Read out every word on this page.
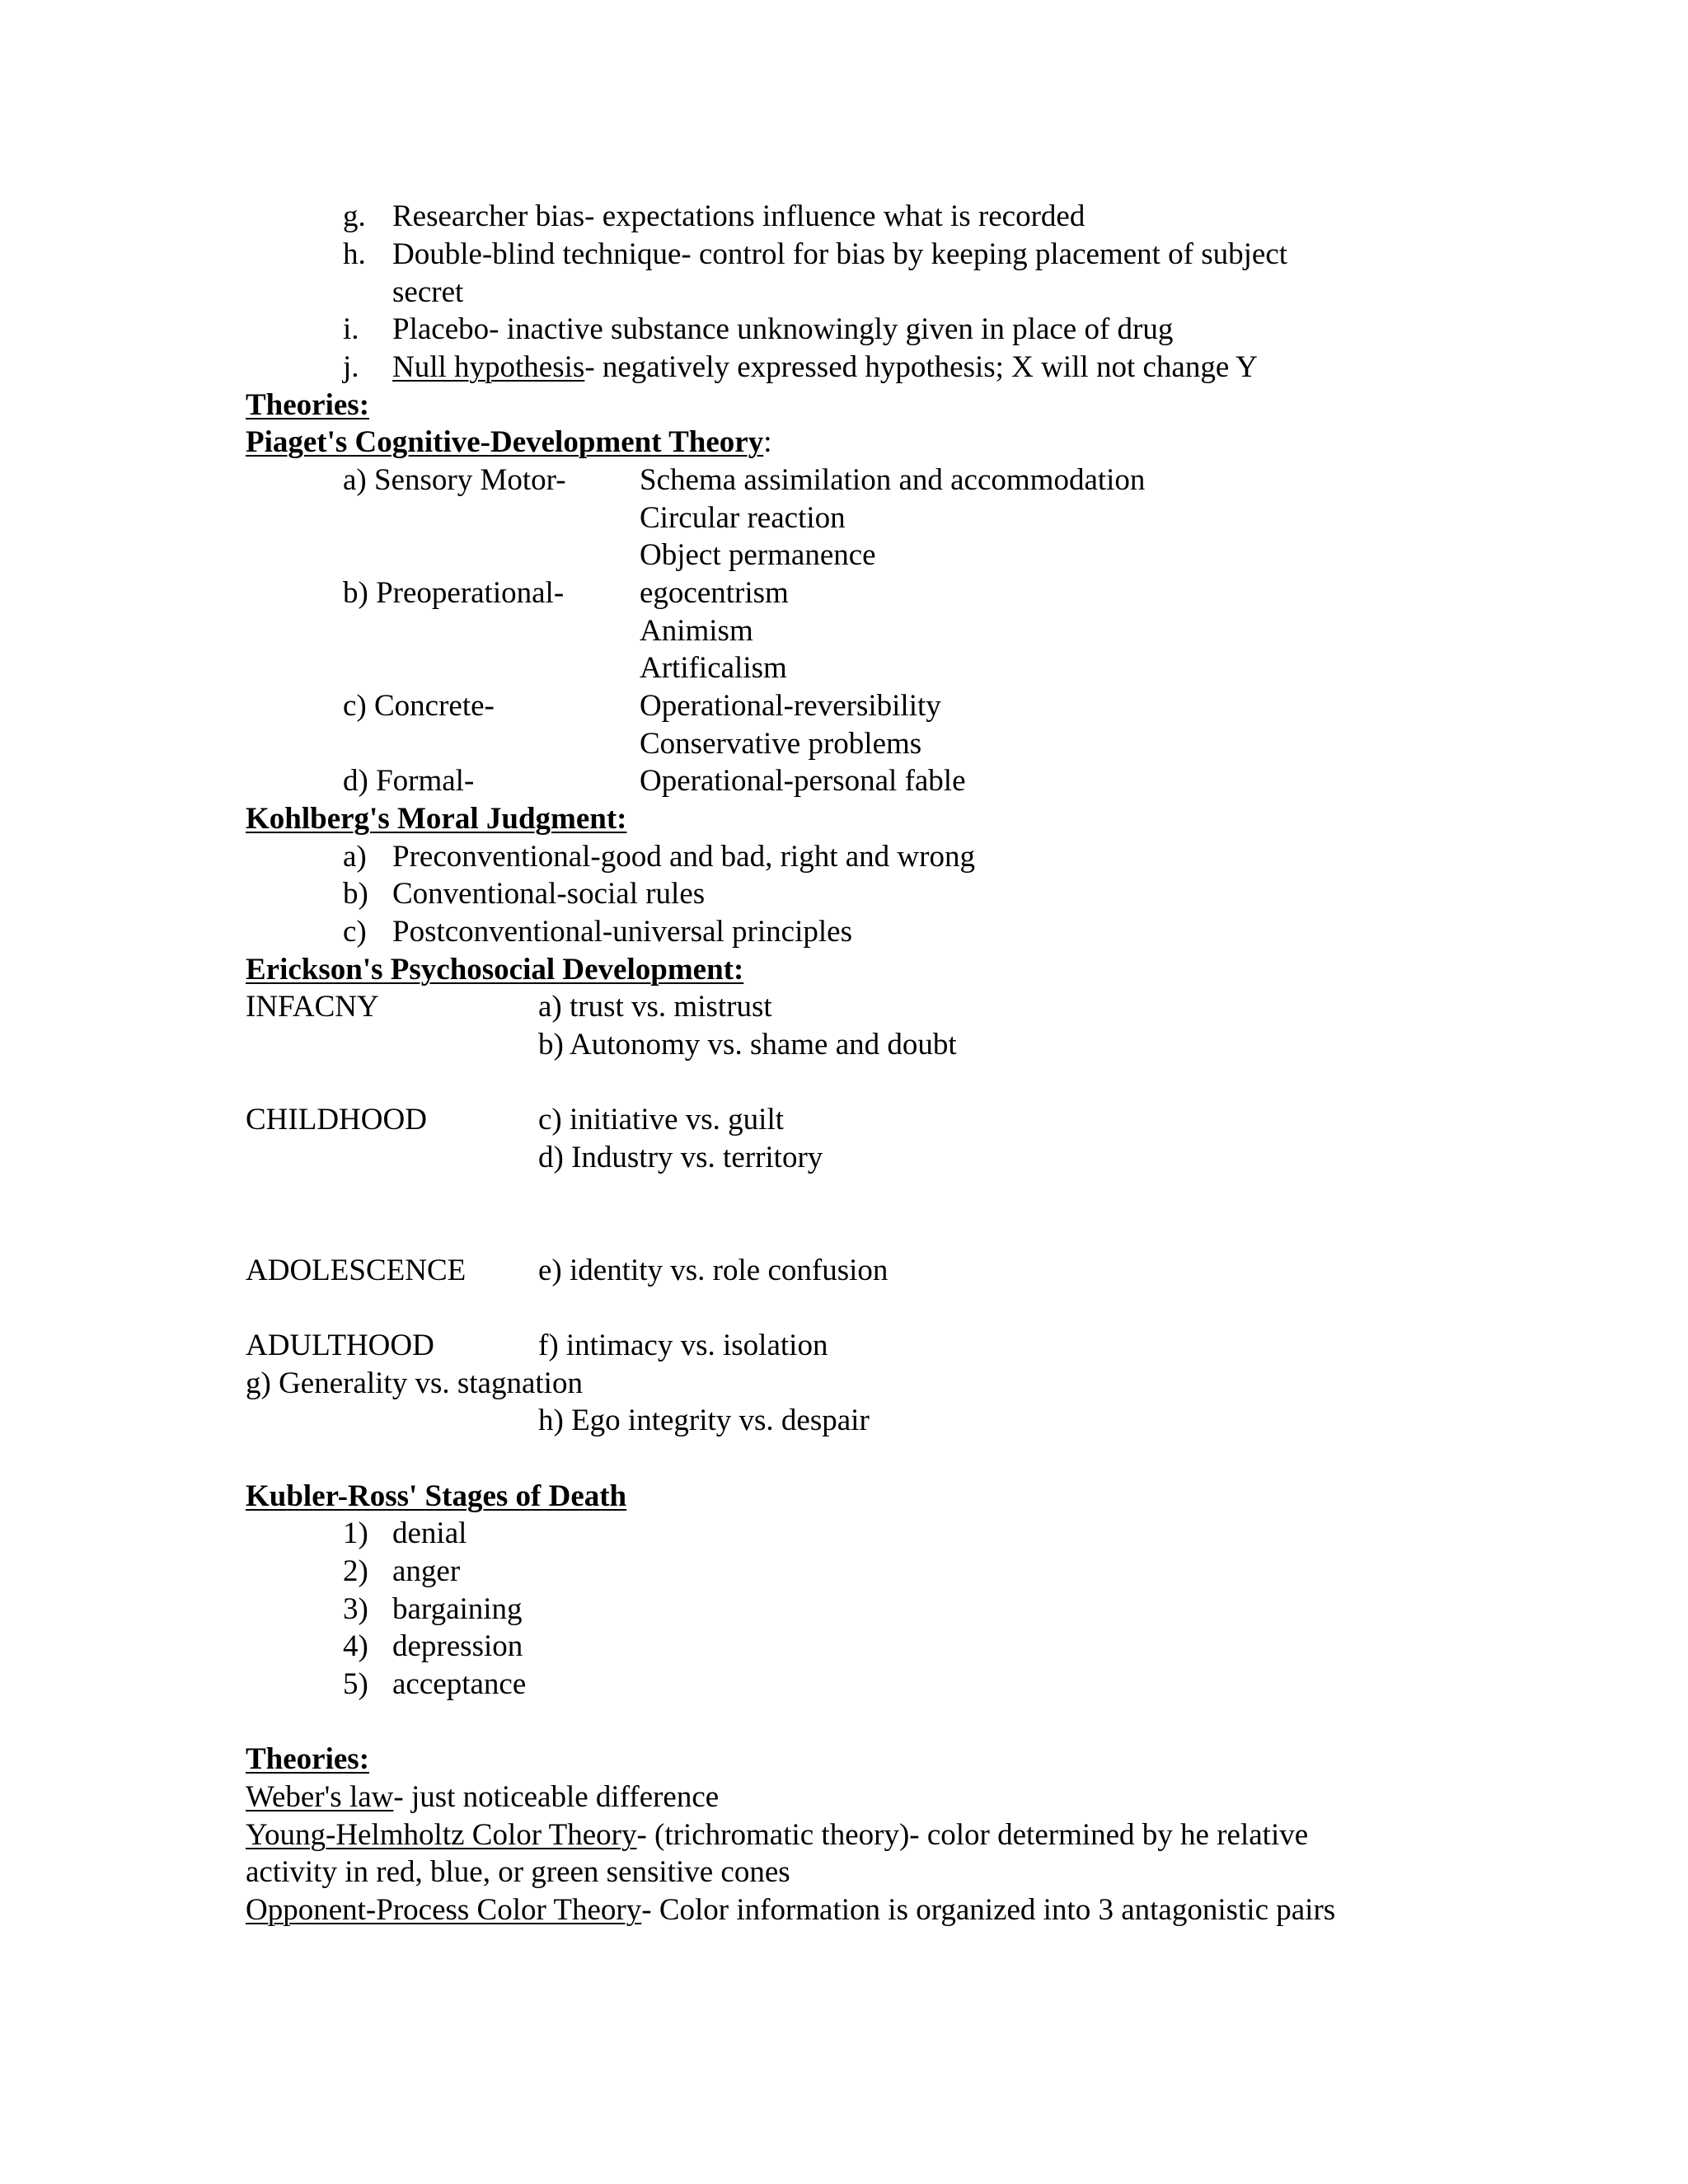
g. Researcher bias- expectations influence what is recorded
h. Double-blind technique- control for bias by keeping placement of subject
secret
i. Placebo- inactive substance unknowingly given in place of drug
j. Null hypothesis- negatively expressed hypothesis; X will not change Y
Theories:
Piaget's Cognitive-Development Theory:
a) Sensory Motor- Schema assimilation and accommodation
Circular reaction
Object permanence
b) Preoperational- egocentrism
Animism
Artificalism
c) Concrete-	Operational-reversibility
Conservative problems
d) Formal-	Operational-personal fable
Kohlberg's Moral Judgment:
a) Preconventional-good and bad, right and wrong
b) Conventional-social rules
c) Postconventional-universal principles
Erickson's Psychosocial Development:
INFACNY	a) trust vs. mistrust
b) Autonomy vs. shame and doubt
CHILDHOOD	c) initiative vs. guilt
d) Industry vs. territory
ADOLESCENCE e) identity vs. role confusion
ADULTHOOD	f) intimacy vs. isolation
g) Generality vs. stagnation
h) Ego integrity vs. despair
Kubler-Ross' Stages of Death
1) denial
2) anger
3) bargaining
4) depression
5) acceptance
Theories:
Weber's law- just noticeable difference
Young-Helmholtz Color Theory- (trichromatic theory)- color determined by he relative
activity in red, blue, or green sensitive cones
Opponent-Process Color Theory- Color information is organized into 3 antagonistic pairs
